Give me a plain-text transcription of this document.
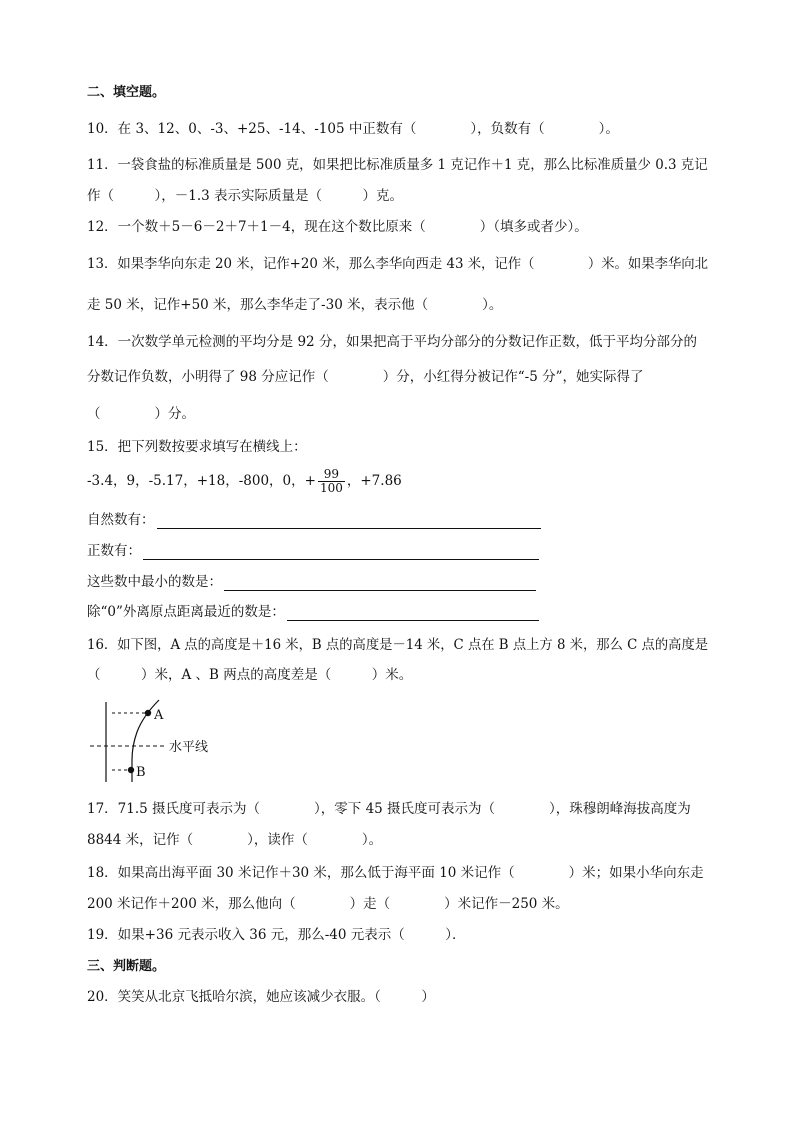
二、填空题。
10．在 3、12、0、-3、+25、-14、-105 中正数有（　　　　），负数有（　　　　）。
11．一袋食盐的标准质量是 500 克，如果把比标准质量多 1 克记作＋1 克，那么比标准质量少 0.3 克记
作（　　　），－1.3 表示实际质量是（　　　）克。
12．一个数＋5－6－2＋7＋1－4，现在这个数比原来（　　　　）（填多或者少）。
13．如果李华向东走 20 米，记作+20 米，那么李华向西走 43 米，记作（　　　　）米。如果李华向北
走 50 米，记作+50 米，那么李华走了-30 米，表示他（　　　　）。
14．一次数学单元检测的平均分是 92 分，如果把高于平均分部分的分数记作正数，低于平均分部分的
分数记作负数，小明得了 98 分应记作（　　　　）分，小红得分被记作“-5 分”，她实际得了
（　　　　）分。
15．把下列数按要求填写在横线上：
-3.4，9，-5.17，+18，-800，0，+ $\frac{99}{100}$ ，+7.86
自然数有：
正数有：
这些数中最小的数是：
除“0”外离原点距离最近的数是：
16．如下图，A 点的高度是＋16 米，B 点的高度是－14 米，C 点在 B 点上方 8 米，那么 C 点的高度是
（　　　）米，A 、B 两点的高度差是（　　　）米。
A
B
水平线
17．71.5 摄氏度可表示为（　　　　），零下 45 摄氏度可表示为（　　　　），珠穆朗峰海拔高度为
8844 米，记作（　　　　），读作（　　　　）。
18．如果高出海平面 30 米记作＋30 米，那么低于海平面 10 米记作（　　　　）米；如果小华向东走
200 米记作＋200 米，那么他向（　　　　）走（　　　　）米记作－250 米。
19．如果+36 元表示收入 36 元，那么-40 元表示（　　　）．
三、判断题。
20．笑笑从北京飞抵哈尔滨，她应该减少衣服。（　　　）
